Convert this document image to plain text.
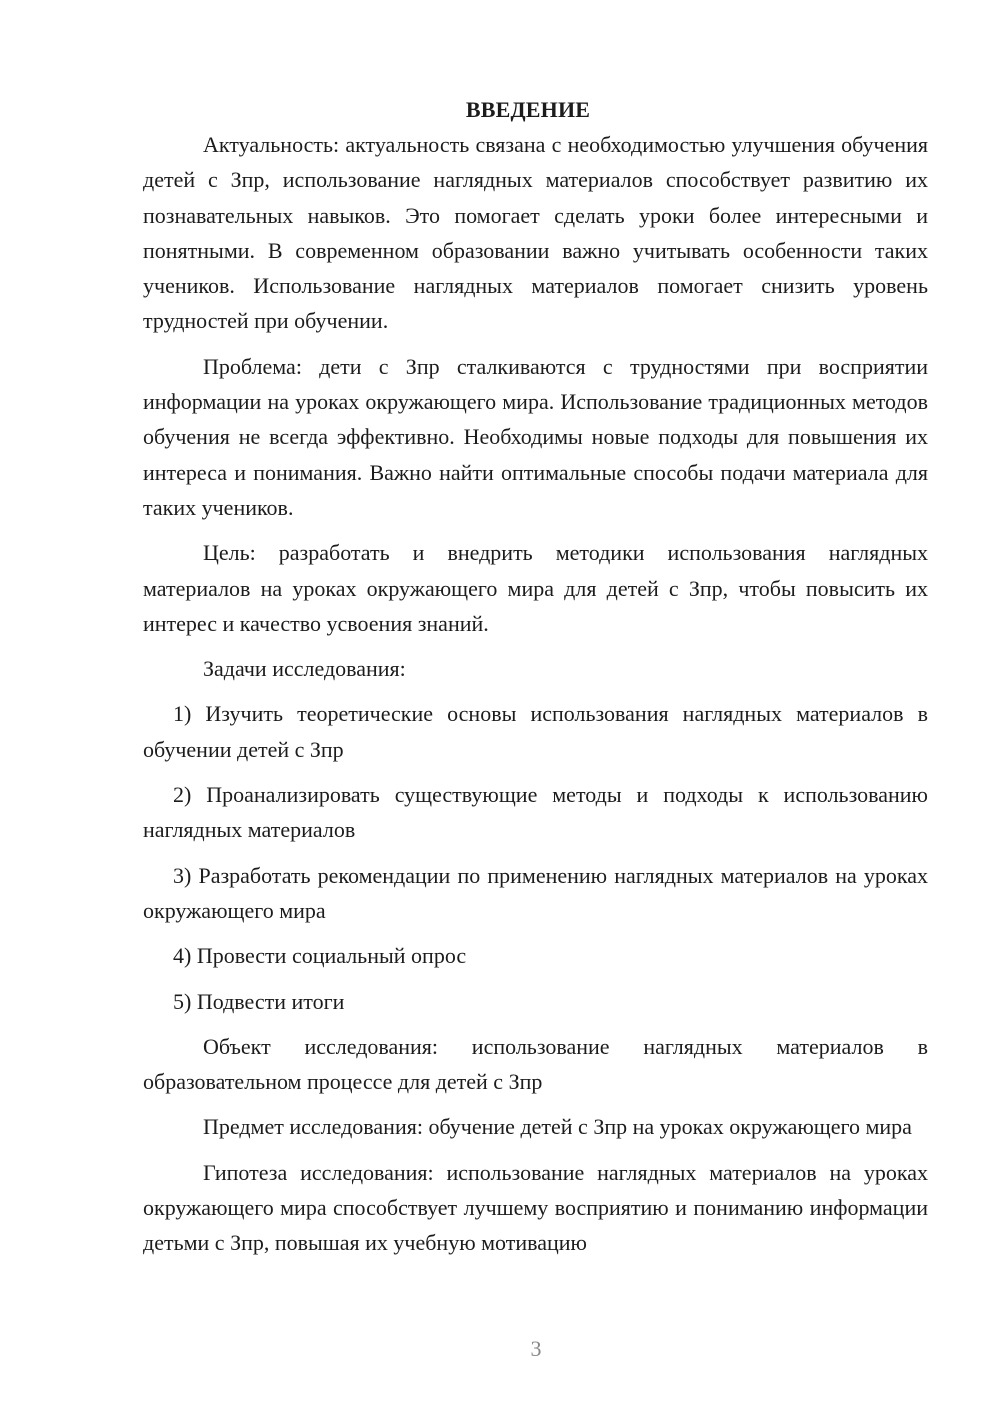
ВВЕДЕНИЕ

Актуальность: актуальность связана с необходимостью улучшения обучения детей с Зпр, использование наглядных материалов способствует развитию их познавательных навыков. Это помогает сделать уроки более интересными и понятными. В современном образовании важно учитывать особенности таких учеников. Использование наглядных материалов помогает снизить уровень трудностей при обучении.

Проблема: дети с Зпр сталкиваются с трудностями при восприятии информации на уроках окружающего мира. Использование традиционных методов обучения не всегда эффективно. Необходимы новые подходы для повышения их интереса и понимания. Важно найти оптимальные способы подачи материала для таких учеников.

Цель: разработать и внедрить методики использования наглядных материалов на уроках окружающего мира для детей с Зпр, чтобы повысить их интерес и качество усвоения знаний.

Задачи исследования:

1) Изучить теоретические основы использования наглядных материалов в обучении детей с Зпр

2) Проанализировать существующие методы и подходы к использованию наглядных материалов

3) Разработать рекомендации по применению наглядных материалов на уроках окружающего мира

4) Провести социальный опрос

5) Подвести итоги

Объект исследования: использование наглядных материалов в образовательном процессе для детей с Зпр

Предмет исследования: обучение детей с Зпр на уроках окружающего мира

Гипотеза исследования: использование наглядных материалов на уроках окружающего мира способствует лучшему восприятию и пониманию информации детьми с Зпр, повышая их учебную мотивацию

3
